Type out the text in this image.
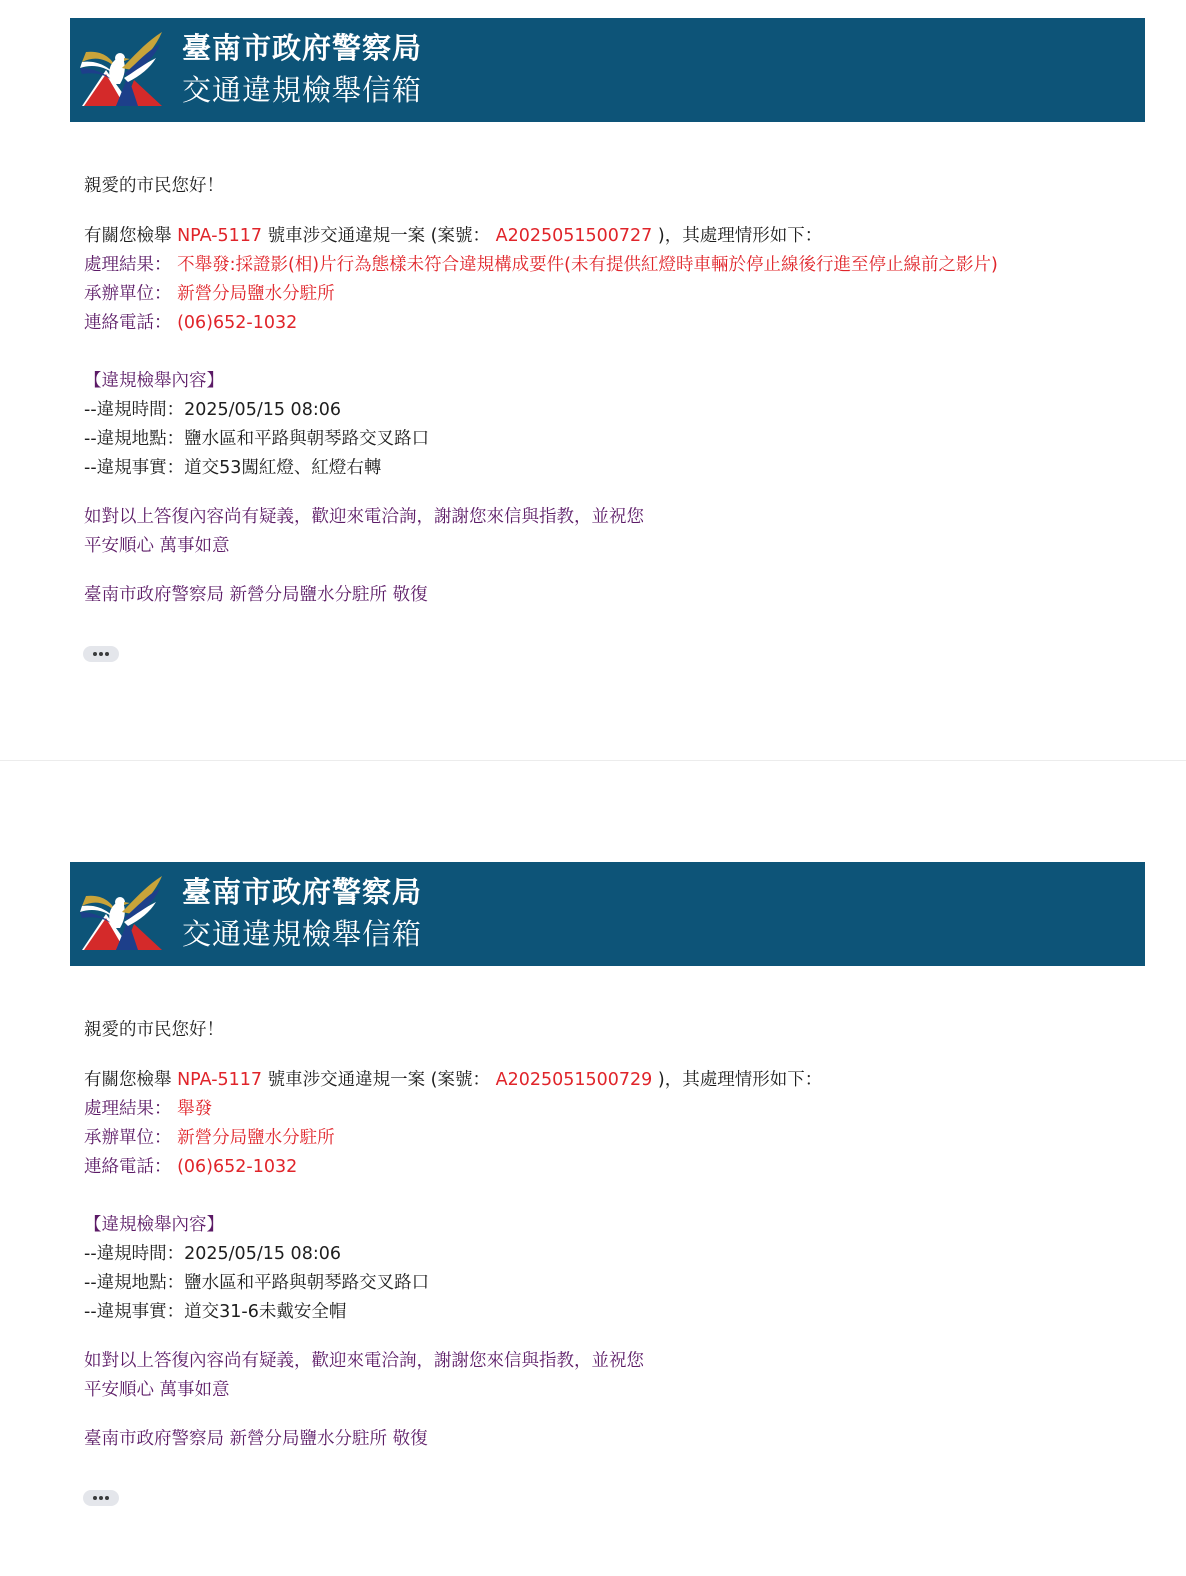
臺南市政府警察局
交通違規檢舉信箱
親愛的市民您好！
有關您檢舉 NPA-5117 號車涉交通違規一案 (案號： A2025051500727 )，其處理情形如下：
處理結果： 不舉發:採證影(相)片行為態樣未符合違規構成要件(未有提供紅燈時車輛於停止線後行進至停止線前之影片)
承辦單位： 新營分局鹽水分駐所
連絡電話： (06)652-1032
【違規檢舉內容】
--違規時間：2025/05/15 08:06
--違規地點：鹽水區和平路與朝琴路交叉路口
--違規事實：道交53闖紅燈、紅燈右轉
如對以上答復內容尚有疑義，歡迎來電洽詢，謝謝您來信與指教，並祝您
平安順心 萬事如意
臺南市政府警察局 新營分局鹽水分駐所 敬復
臺南市政府警察局
交通違規檢舉信箱
親愛的市民您好！
有關您檢舉 NPA-5117 號車涉交通違規一案 (案號： A2025051500729 )，其處理情形如下：
處理結果： 舉發
承辦單位： 新營分局鹽水分駐所
連絡電話： (06)652-1032
【違規檢舉內容】
--違規時間：2025/05/15 08:06
--違規地點：鹽水區和平路與朝琴路交叉路口
--違規事實：道交31-6未戴安全帽
如對以上答復內容尚有疑義，歡迎來電洽詢，謝謝您來信與指教，並祝您
平安順心 萬事如意
臺南市政府警察局 新營分局鹽水分駐所 敬復
